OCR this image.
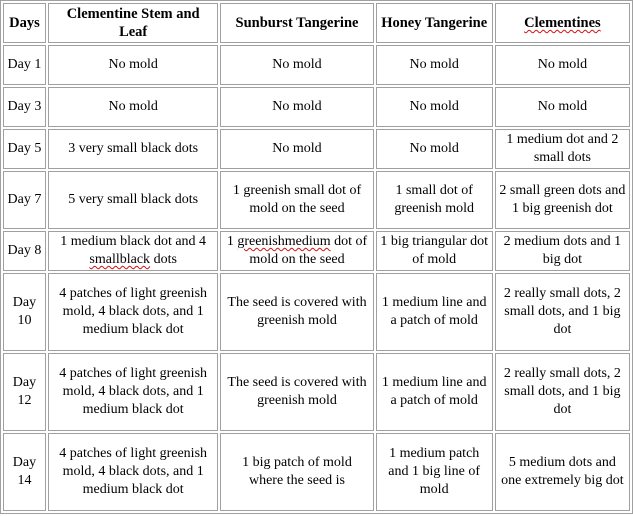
Days	Clementine Stem and Leaf	Sunburst Tangerine	Honey Tangerine	Clementines
Day 1	No mold	No mold	No mold	No mold
Day 3	No mold	No mold	No mold	No mold
Day 5	3 very small black dots	No mold	No mold	1 medium dot and 2 small dots
Day 7	5 very small black dots	1 greenish small dot of mold on the seed	1 small dot of greenish mold	2 small green dots and 1 big greenish dot
Day 8	1 medium black dot and 4 smallblack dots	1 greenishmedium dot of mold on the seed	1 big triangular dot of mold	2 medium dots and 1 big dot
Day 10	4 patches of light greenish mold, 4 black dots, and 1 medium black dot	The seed is covered with greenish mold	1 medium line and a patch of mold	2 really small dots, 2 small dots, and 1 big dot
Day 12	4 patches of light greenish mold, 4 black dots, and 1 medium black dot	The seed is covered with greenish mold	1 medium line and a patch of mold	2 really small dots, 2 small dots, and 1 big dot
Day 14	4 patches of light greenish mold, 4 black dots, and 1 medium black dot	1 big patch of mold where the seed is	1 medium patch and 1 big line of mold	5 medium dots and one extremely big dot
